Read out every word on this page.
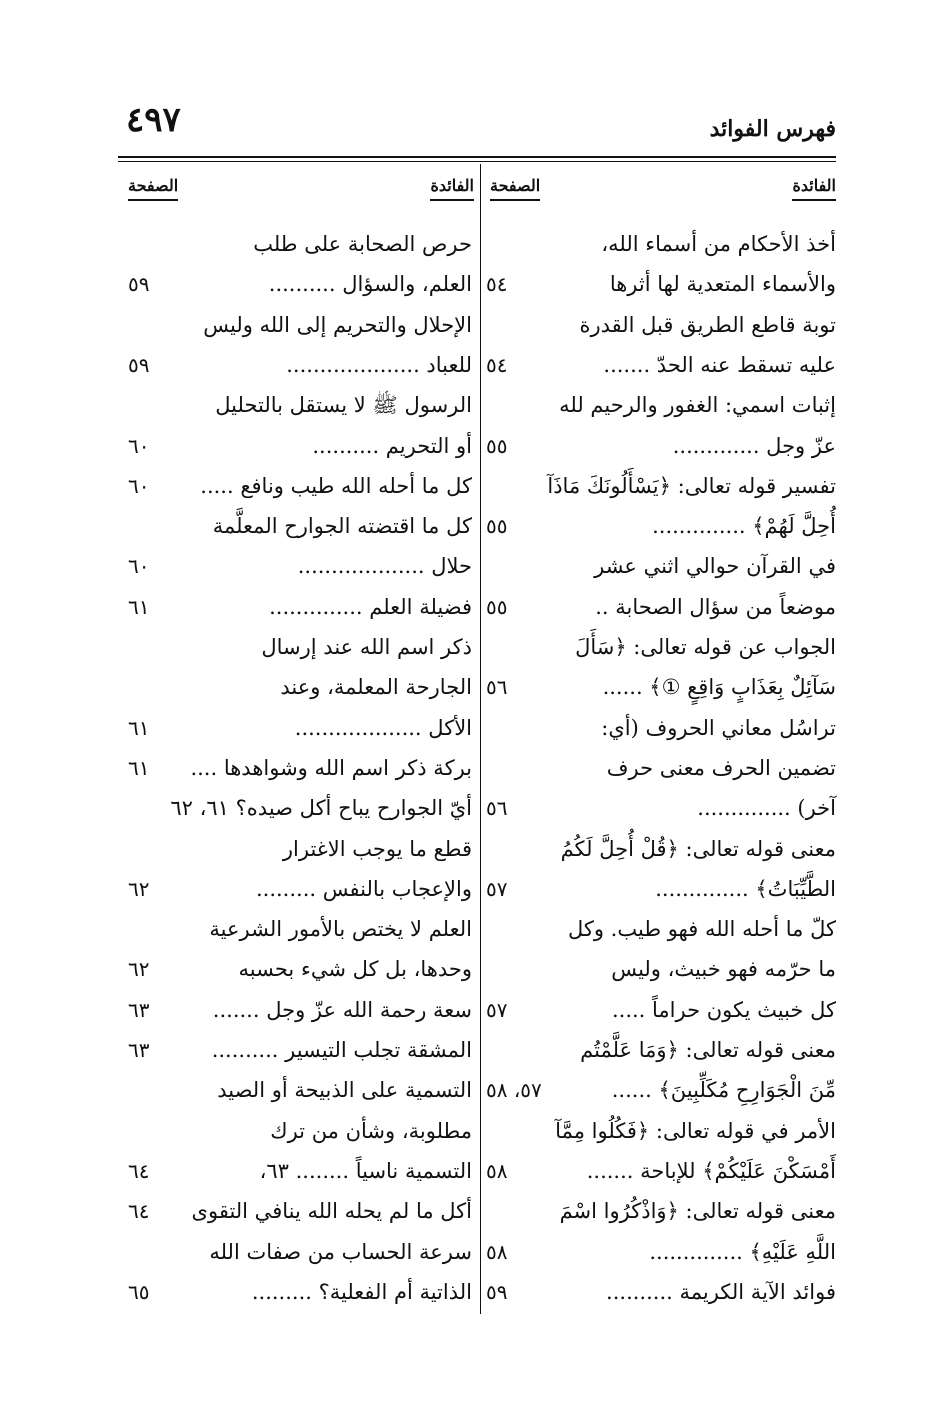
فهرس الفوائد
٤٩٧
الفائدة
الصفحة
الفائدة
الصفحة
أخذ الأحكام من أسماء الله،
والأسماء المتعدية لها أثرها
٥٤
توبة قاطع الطريق قبل القدرة
عليه تسقط عنه الحدّ .......
٥٤
إثبات اسمي: الغفور والرحيم لله
عزّ وجل .............
٥٥
تفسير قوله تعالى: ﴿يَسْأَلُونَكَ مَاذَآ
أُحِلَّ لَهُمْ﴾ ..............
٥٥
في القرآن حوالي اثني عشر
موضعاً من سؤال الصحابة ..
٥٥
الجواب عن قوله تعالى: ﴿سَأَلَ
سَآئِلٌ بِعَذَابٍ وَاقِعٍ ①﴾ ......
٥٦
تراسُل معاني الحروف (أي:
تضمين الحرف معنى حرف
آخر) ..............
٥٦
معنى قوله تعالى: ﴿قُلْ أُحِلَّ لَكُمُ
الطَّيِّبَاتُ﴾ ..............
٥٧
كلّ ما أحله الله فهو طيب. وكل
ما حرّمه فهو خبيث، وليس
كل خبيث يكون حراماً .....
٥٧
معنى قوله تعالى: ﴿وَمَا عَلَّمْتُم
مِّنَ الْجَوَارِحِ مُكَلِّبِينَ﴾ ......
٥٧، ٥٨
الأمر في قوله تعالى: ﴿فَكُلُوا مِمَّآ
أَمْسَكْنَ عَلَيْكُمْ﴾ للإباحة .......
٥٨
معنى قوله تعالى: ﴿وَاذْكُرُوا اسْمَ
اللَّهِ عَلَيْهِ﴾ ..............
٥٨
فوائد الآية الكريمة ..........
٥٩
حرص الصحابة على طلب
العلم، والسؤال ..........
٥٩
الإحلال والتحريم إلى الله وليس
للعباد ....................
٥٩
الرسول ﷺ لا يستقل بالتحليل
أو التحريم ..........
٦٠
كل ما أحله الله طيب ونافع .....
٦٠
كل ما اقتضته الجوارح المعلَّمة
حلال ...................
٦٠
فضيلة العلم ..............
٦١
ذكر اسم الله عند إرسال
الجارحة المعلمة، وعند
الأكل ...................
٦١
بركة ذكر اسم الله وشواهدها ....
٦١
أيّ الجوارح يباح أكل صيده؟ ٦١، ٦٢
قطع ما يوجب الاغترار
والإعجاب بالنفس .........
٦٢
العلم لا يختص بالأمور الشرعية
وحدها، بل كل شيء بحسبه
٦٢
سعة رحمة الله عزّ وجل .......
٦٣
المشقة تجلب التيسير ..........
٦٣
التسمية على الذبيحة أو الصيد
مطلوبة، وشأن من ترك
التسمية ناسياً ........ ٦٣،
٦٤
أكل ما لم يحله الله ينافي التقوى
٦٤
سرعة الحساب من صفات الله
الذاتية أم الفعلية؟ .........
٦٥
